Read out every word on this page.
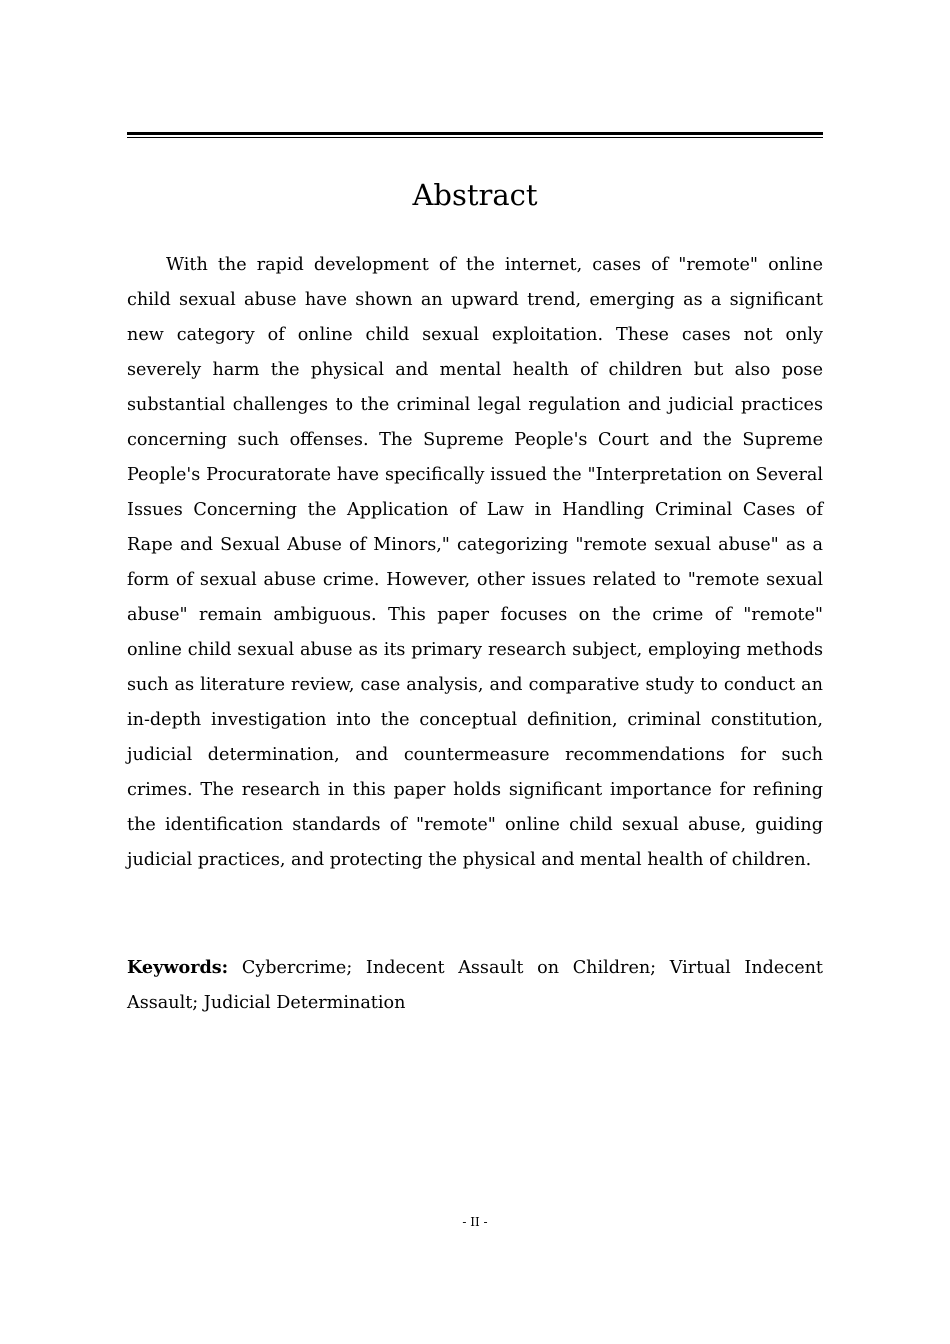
Abstract

With the rapid development of the internet, cases of "remote" online child sexual abuse have shown an upward trend, emerging as a significant new category of online child sexual exploitation. These cases not only severely harm the physical and mental health of children but also pose substantial challenges to the criminal legal regulation and judicial practices concerning such offenses. The Supreme People's Court and the Supreme People's Procuratorate have specifically issued the "Interpretation on Several Issues Concerning the Application of Law in Handling Criminal Cases of Rape and Sexual Abuse of Minors," categorizing "remote sexual abuse" as a form of sexual abuse crime. However, other issues related to "remote sexual abuse" remain ambiguous. This paper focuses on the crime of "remote" online child sexual abuse as its primary research subject, employing methods such as literature review, case analysis, and comparative study to conduct an in-depth investigation into the conceptual definition, criminal constitution, judicial determination, and countermeasure recommendations for such crimes. The research in this paper holds significant importance for refining the identification standards of "remote" online child sexual abuse, guiding judicial practices, and protecting the physical and mental health of children.

Keywords: Cybercrime; Indecent Assault on Children; Virtual Indecent Assault; Judicial Determination

- II -
